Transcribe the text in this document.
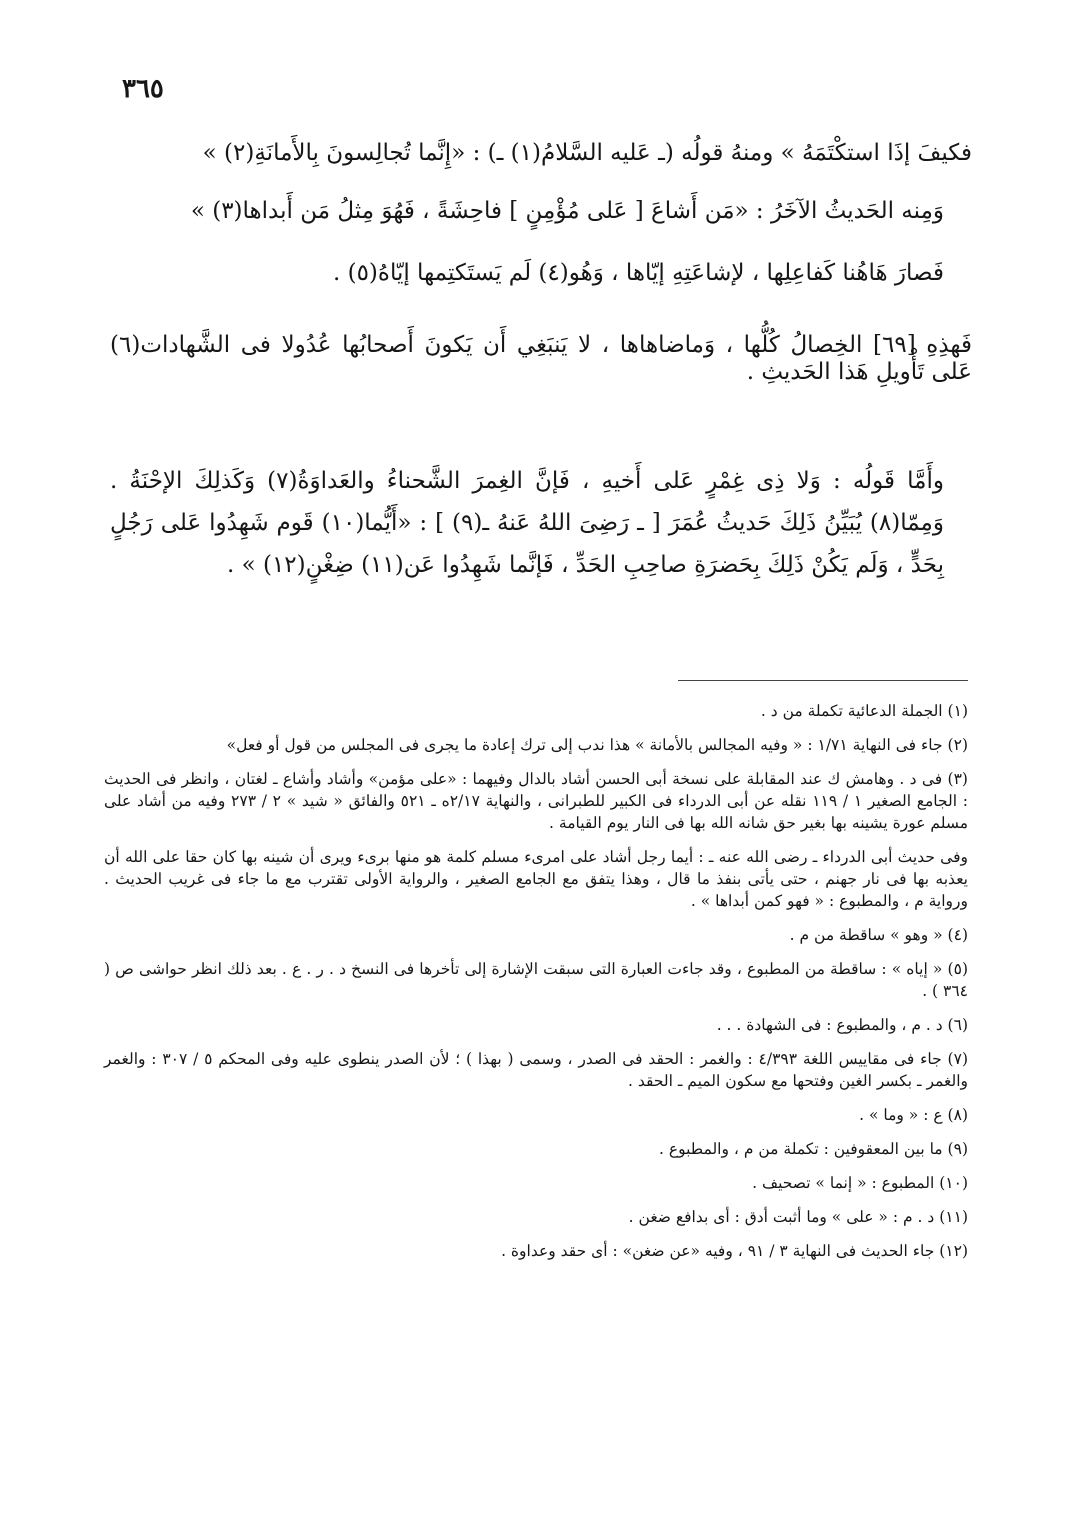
٣٦٥

فكيفَ إذَا استكْتَمَهُ » ومنهُ قولُه (ـ عَليه السَّلامُ(١) ـ) : «إِنَّما تُجالِسونَ بِالأَمانَةِ(٢) »

وَمِنه الحَديثُ الآخَرُ : «مَن أَشاعَ [ عَلى مُؤْمِنٍ ] فاحِشَةً ، فَهُوَ مِثلُ مَن أَبداها(٣) »

فَصارَ هَاهُنا كَفاعِلِها ، لإشاعَتِهِ إيّاها ، وَهُو(٤) لَم يَستَكتِمها إيّاهُ(٥) .

فَهذِهِ [٦٩] الخِصالُ كُلُّها ، وَماضاهاها ، لا يَنبَغِي أَن يَكونَ أَصحابُها عُدُولا فى الشَّهادات(٦) عَلى تَأْويلِ هَذا الحَديثِ .

وأَمَّا قَولُه : وَلا ذِى غِمْرٍ عَلى أَخيهِ ، فَإنَّ الغِمرَ الشَّحناءُ والعَداوَةُ(٧) وَكَذلِكَ الإحْنَةُ . وَمِمّا(٨) يُبَيِّنُ ذَلِكَ حَديثُ عُمَرَ [ ـ رَضِىَ اللهُ عَنهُ ـ(٩) ] : «أَيُّما(١٠) قَوم شَهِدُوا عَلى رَجُلٍ بِحَدٍّ ، وَلَم يَكُنْ ذَلِكَ بِحَضرَةِ صاحِبِ الحَدِّ ، فَإنَّما شَهِدُوا عَن(١١) ضِغْنٍ(١٢) » .

(١) الجملة الدعائية تكملة من د .

(٢) جاء فى النهاية ١/٧١ : « وفيه المجالس بالأمانة » هذا ندب إلى ترك إعادة ما يجرى فى المجلس من قول أو فعل»

(٣) فى د . وهامش ك عند المقابلة على نسخة أبى الحسن أشاد بالدال وفيهما : «على مؤمن» وأشاد وأشاع ـ لغتان ، وانظر فى الحديث : الجامع الصغير ١ / ١١٩ نقله عن أبى الدرداء فى الكبير للطبرانى ، والنهاية ٢/١٧ه ـ ٥٢١ والفائق « شيد » ٢ / ٢٧٣ وفيه من أشاد على مسلم عورة يشينه بها بغير حق شانه الله بها فى النار يوم القيامة .

وفى حديث أبى الدرداء ـ رضى الله عنه ـ : أيما رجل أشاد على امرىء مسلم كلمة هو منها برىء ويرى أن شينه بها كان حقا على الله أن يعذبه بها فى نار جهنم ، حتى يأتى بنفذ ما قال ، وهذا يتفق مع الجامع الصغير ، والرواية الأولى تقترب مع ما جاء فى غريب الحديث . ورواية م ، والمطبوع : « فهو كمن أبداها » .

(٤) « وهو » ساقطة من م .

(٥) « إياه » : ساقطة من المطبوع ، وقد جاءت العبارة التى سبقت الإشارة إلى تأخرها فى النسخ د . ر . ع . بعد ذلك انظر حواشى ص ( ٣٦٤ ) .

(٦) د . م ، والمطبوع : فى الشهادة . . .

(٧) جاء فى مقاييس اللغة ٤/٣٩٣ : والغمر : الحقد فى الصدر ، وسمى ( بهذا ) ؛ لأن الصدر ينطوى عليه وفى المحكم ٥ / ٣٠٧ : والغمر والغمر ـ بكسر الغين وفتحها مع سكون الميم ـ الحقد .

(٨) ع : « وما » .

(٩) ما بين المعقوفين : تكملة من م ، والمطبوع .

(١٠) المطبوع : « إنما » تصحيف .

(١١) د . م : « على » وما أثبت أدق : أى بدافع ضغن .

(١٢) جاء الحديث فى النهاية ٣ / ٩١ ، وفيه «عن ضغن» : أى حقد وعداوة .
